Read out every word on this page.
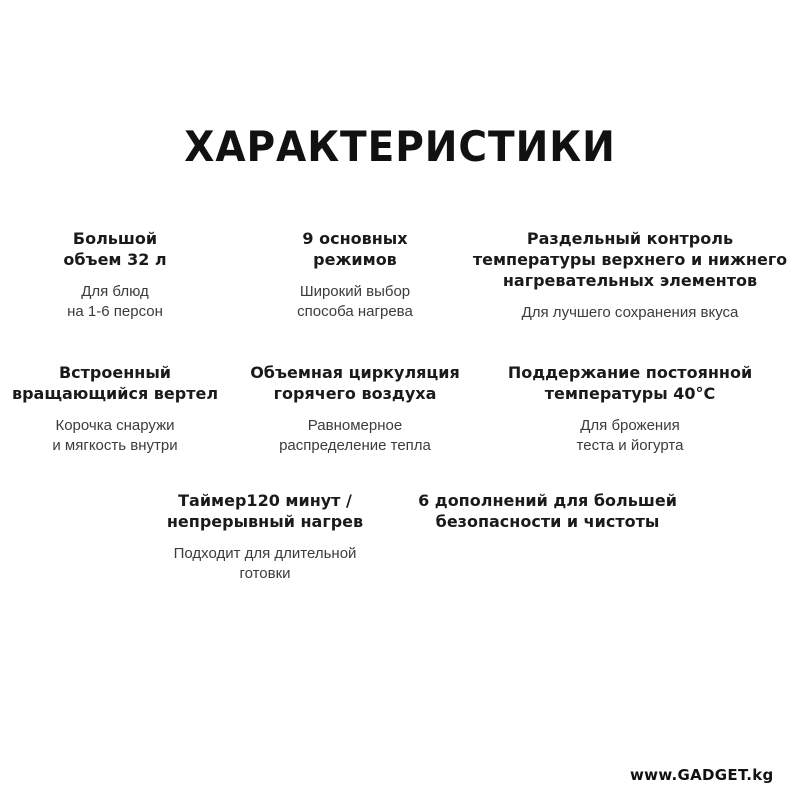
ХАРАКТЕРИСТИКИ
Большой
объем 32 л
Для блюд
на 1-6 персон
9 основных
режимов
Широкий выбор
способа нагрева
Раздельный контроль
температуры верхнего и нижнего
нагревательных элементов
Для лучшего сохранения вкуса
Встроенный
вращающийся вертел
Корочка снаружи
и мягкость внутри
Объемная циркуляция
горячего воздуха
Равномерное
распределение тепла
Поддержание постоянной
температуры 40°C
Для брожения
теста и йогурта
Таймер120 минут /
непрерывный нагрев
Подходит для длительной
готовки
6 дополнений для большей
безопасности и чистоты
www.GADGET.kg
